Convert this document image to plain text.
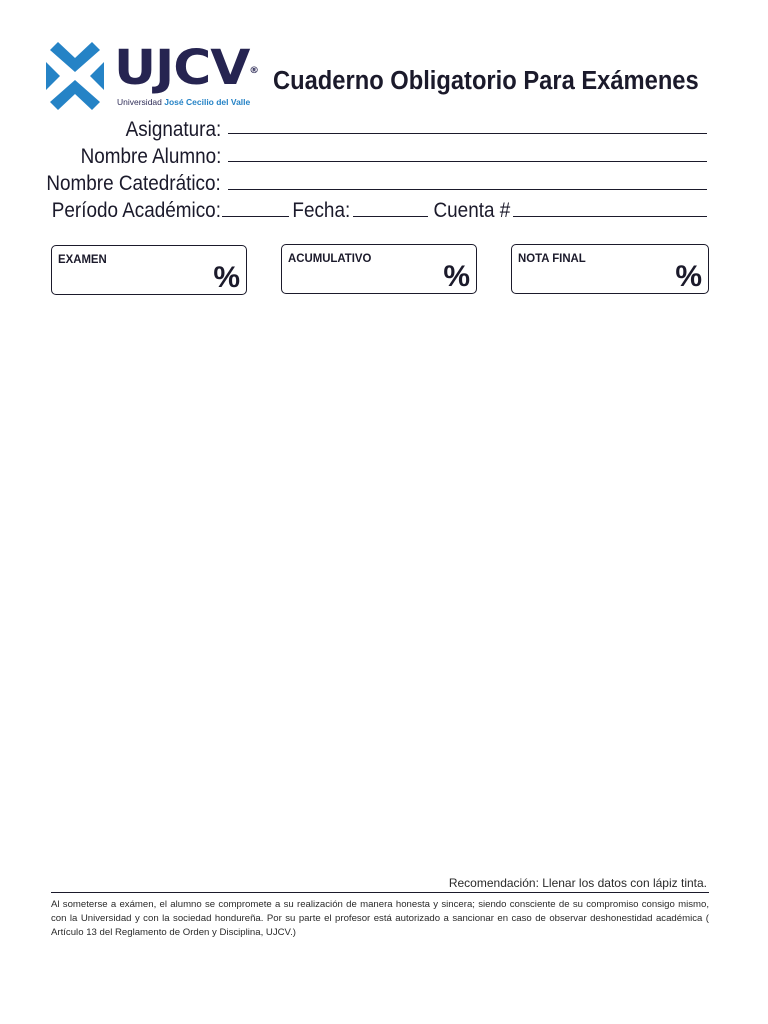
UJCV®
Universidad José Cecilio del Valle
Cuaderno Obligatorio Para Exámenes
Asignatura:
Nombre Alumno:
Nombre Catedrático:
Período Académico:	Fecha:	Cuenta #
EXAMEN
%
ACUMULATIVO
%
NOTA FINAL
%
Recomendación: Llenar los datos con lápiz tinta.
Al someterse a exámen, el alumno se compromete a su realización de manera honesta y sincera; siendo consciente de su compromiso consigo mismo, con la Universidad y con la sociedad hondureña. Por su parte el profesor está autorizado a sancionar en caso de observar deshonestidad académica ( Artículo 13 del Reglamento de Orden y Disciplina, UJCV.)
